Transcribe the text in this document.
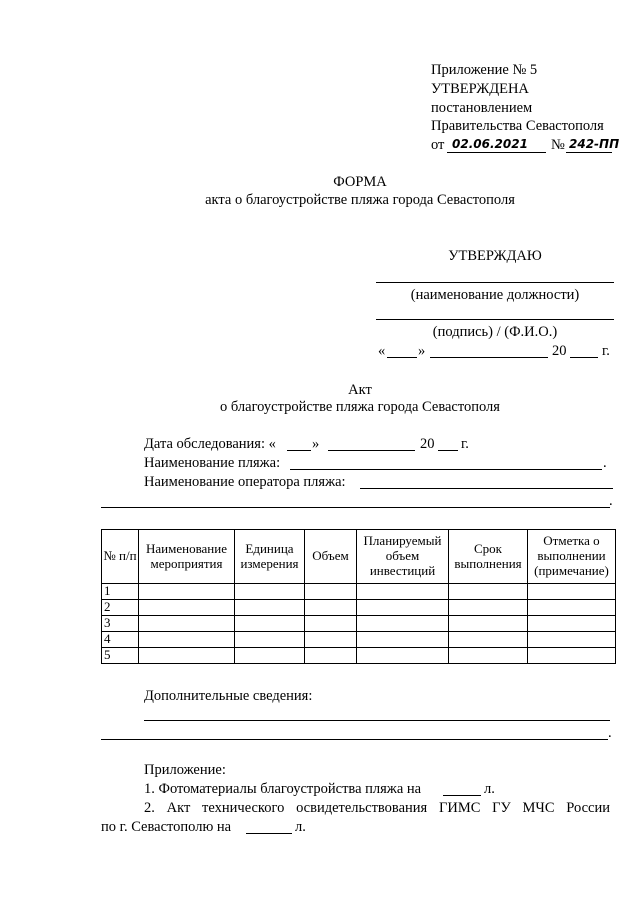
Приложение № 5
УТВЕРЖДЕНА
постановлением
Правительства Севастополя
от 02.06.2021 № 242-ПП
ФОРМА
акта о благоустройстве пляжа города Севастополя
УТВЕРЖДАЮ
(наименование должности)
(подпись) / (Ф.И.О.)
« »	20 г.
Акт
о благоустройстве пляжа города Севастополя
Дата обследования: « »	20 г.
Наименование пляжа:	.
Наименование оператора пляжа:
.
№ п/п	Наименование мероприятия	Единица измерения	Объем	Планируемый объем инвестиций	Срок выполнения	Отметка о выполнении (примечание)
1						
2						
3						
4						
5						
Дополнительные сведения:
.
Приложение:
1. Фотоматериалы благоустройства пляжа на	л.
2. Акт технического освидетельствования ГИМС ГУ МЧС России
по г. Севастополю на	л.
